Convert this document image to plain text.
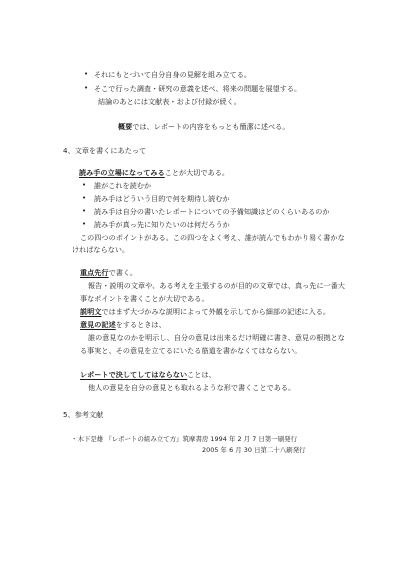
• それにもとづいて自分自身の見解を組み立てる。
• そこで行った調査・研究の意義を述べ、将来の問題を展望する。
結論のあとには文献表・および付録が続く。
概要では、レポートの内容をもっとも簡潔に述べる。
4、文章を書くにあたって
読み手の立場になってみることが大切である。
• 誰がこれを読むか
• 読み手はどういう目的で何を期待し読むか
• 読み手は自分の書いたレポートについての予備知識はどのくらいあるのか
• 読み手が真っ先に知りたいのは何だろうか
この四つのポイントがある。この四つをよく考え、誰が読んでもわかり易く書かな
ければならない。
重点先行で書く。
報告・説明の文章や、ある考えを主張するのが目的の文章では、真っ先に一番大
事なポイントを書くことが大切である。
説明文ではまず大づかみな説明によって外観を示してから細部の記述に入る。
意見の記述をするときは、
誰の意見なのかを明示し、自分の意見は出来るだけ明確に書き、意見の根拠とな
る事実と、その意見を立てるにいたる筋道を書かなくてはならない。
レポートで決してしてはならないことは、
他人の意見を自分の意見とも取れるような形で書くことである。
5、参考文献
・木下是雄 『レポートの組み立て方』筑摩書房 1994 年 2 月 7 日第一刷発行
2005 年 6 月 30 日第二十八刷発行
